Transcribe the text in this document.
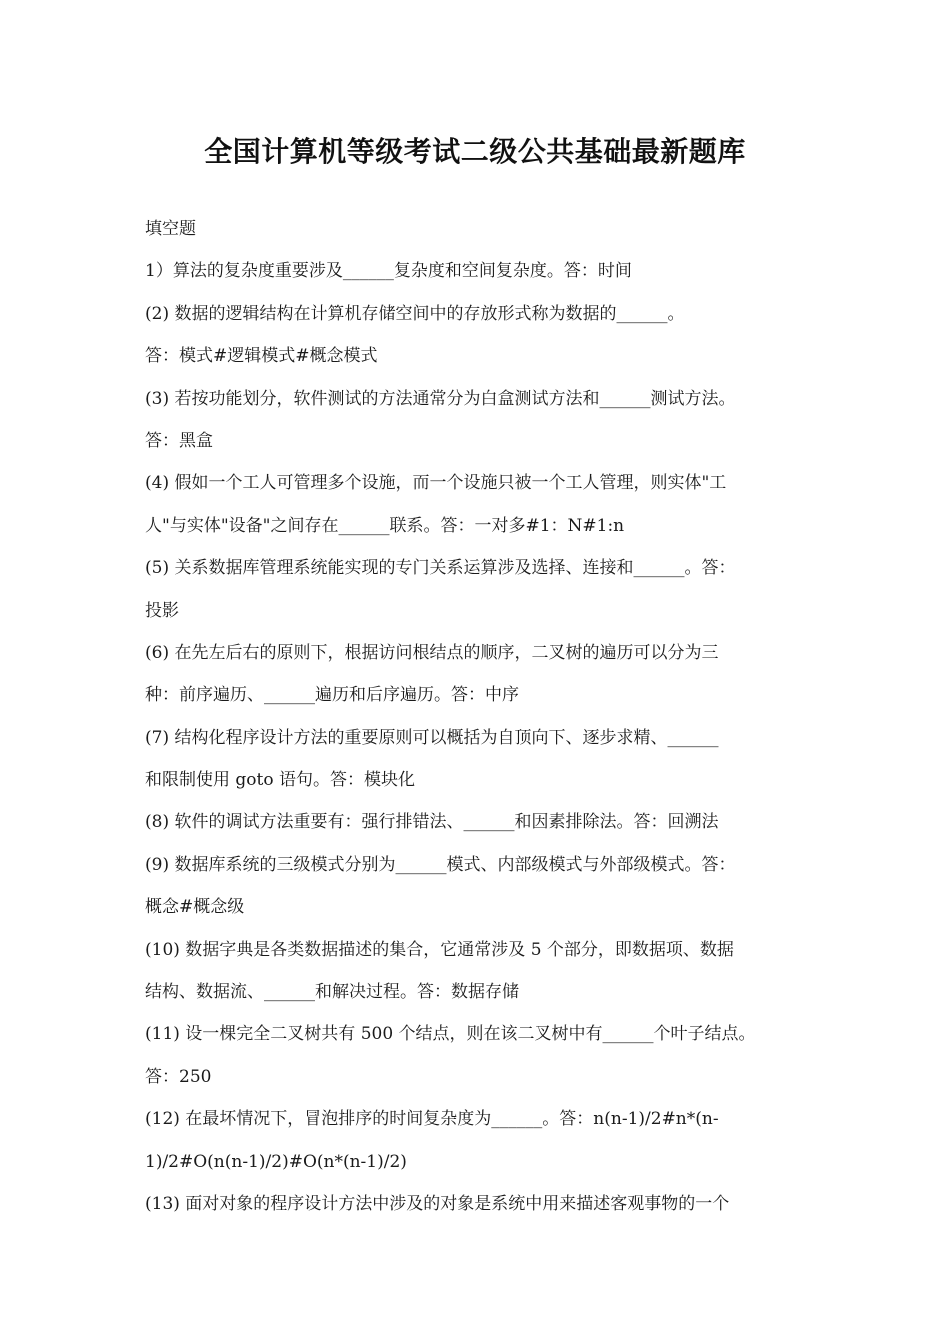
全国计算机等级考试二级公共基础最新题库
填空题
1）算法的复杂度重要涉及______复杂度和空间复杂度。答：时间
(2) 数据的逻辑结构在计算机存储空间中的存放形式称为数据的______。
答：模式#逻辑模式#概念模式
(3) 若按功能划分，软件测试的方法通常分为白盒测试方法和______测试方法。
答：黑盒
(4) 假如一个工人可管理多个设施，而一个设施只被一个工人管理，则实体"工
人"与实体"设备"之间存在______联系。答：一对多#1：N#1:n
(5) 关系数据库管理系统能实现的专门关系运算涉及选择、连接和______。答：
投影
(6) 在先左后右的原则下，根据访问根结点的顺序，二叉树的遍历可以分为三
种：前序遍历、______遍历和后序遍历。答：中序
(7) 结构化程序设计方法的重要原则可以概括为自顶向下、逐步求精、______
和限制使用 goto 语句。答：模块化
(8) 软件的调试方法重要有：强行排错法、______和因素排除法。答：回溯法
(9) 数据库系统的三级模式分别为______模式、内部级模式与外部级模式。答：
概念#概念级
(10) 数据字典是各类数据描述的集合，它通常涉及 5 个部分，即数据项、数据
结构、数据流、______和解决过程。答：数据存储
(11) 设一棵完全二叉树共有 500 个结点，则在该二叉树中有______个叶子结点。
答：250
(12) 在最坏情况下，冒泡排序的时间复杂度为______。答：n(n-1)/2#n*(n-
1)/2#O(n(n-1)/2)#O(n*(n-1)/2)
(13) 面对对象的程序设计方法中涉及的对象是系统中用来描述客观事物的一个
